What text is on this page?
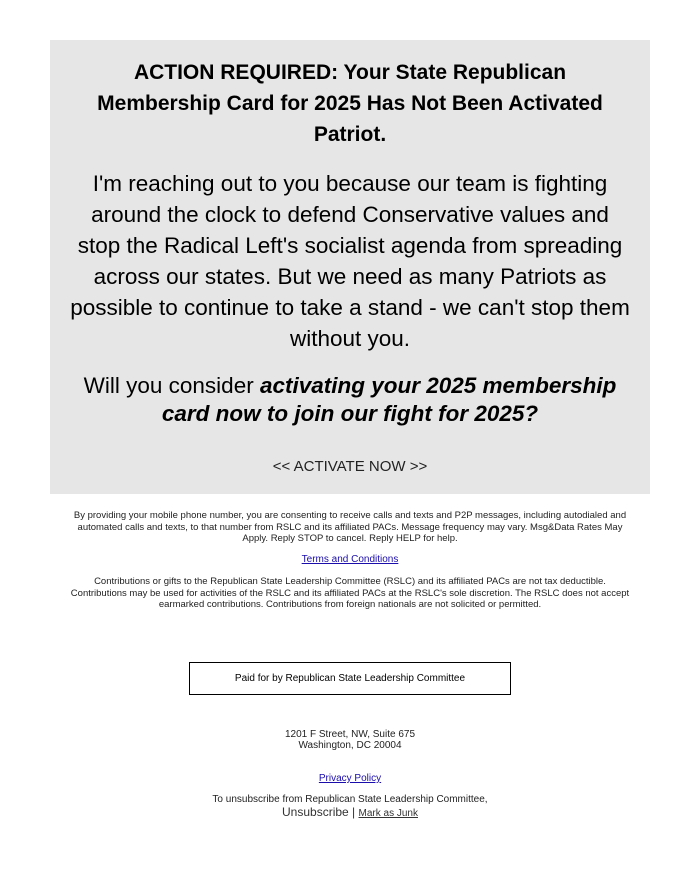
ACTION REQUIRED: Your State Republican Membership Card for 2025 Has Not Been Activated Patriot.

I'm reaching out to you because our team is fighting around the clock to defend Conservative values and stop the Radical Left's socialist agenda from spreading across our states. But we need as many Patriots as possible to continue to take a stand - we can't stop them without you.

Will you consider activating your 2025 membership card now to join our fight for 2025?

<< ACTIVATE NOW >>

By providing your mobile phone number, you are consenting to receive calls and texts and P2P messages, including autodialed and automated calls and texts, to that number from RSLC and its affiliated PACs. Message frequency may vary. Msg&Data Rates May Apply. Reply STOP to cancel. Reply HELP for help.

Terms and Conditions

Contributions or gifts to the Republican State Leadership Committee (RSLC) and its affiliated PACs are not tax deductible. Contributions may be used for activities of the RSLC and its affiliated PACs at the RSLC's sole discretion. The RSLC does not accept earmarked contributions. Contributions from foreign nationals are not solicited or permitted.

Paid for by Republican State Leadership Committee
1201 F Street, NW, Suite 675
Washington, DC 20004
Privacy Policy
To unsubscribe from Republican State Leadership Committee,
Unsubscribe | Mark as Junk
